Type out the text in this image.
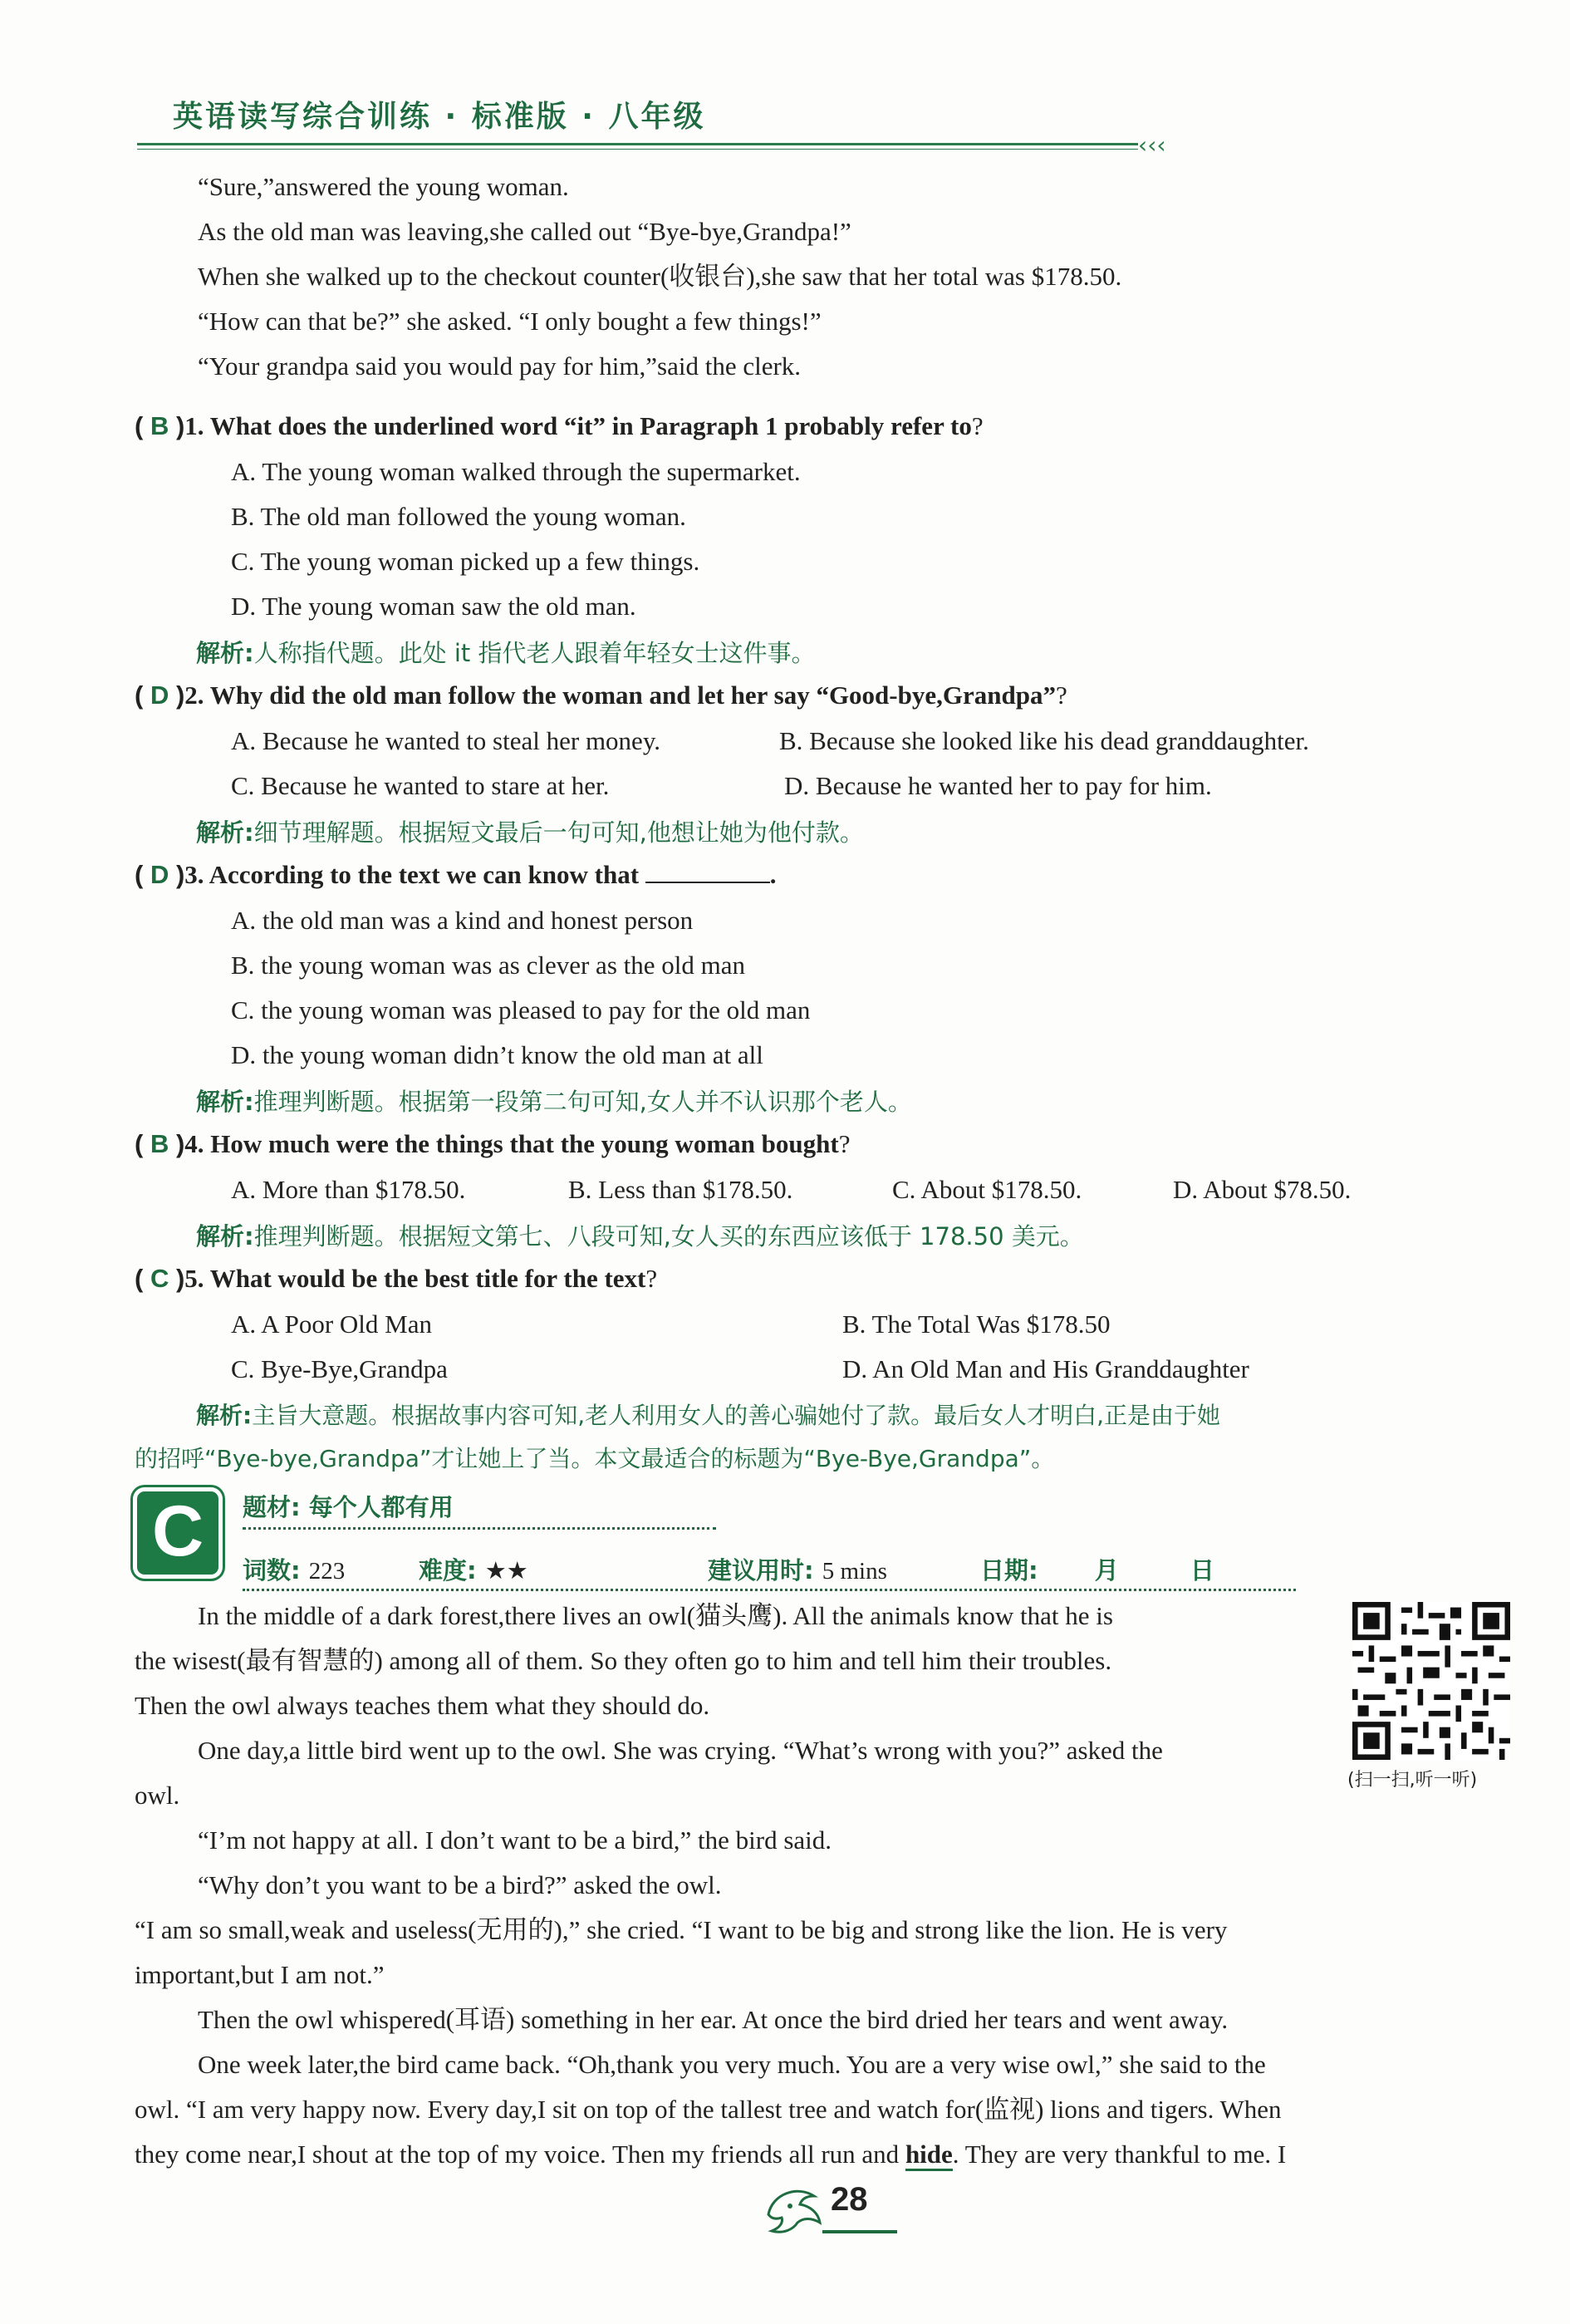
英语读写综合训练 · 标准版 · 八年级
‹‹‹
“Sure,”answered the young woman.
As the old man was leaving,she called out “Bye-bye,Grandpa!”
When she walked up to the checkout counter(收银台),she saw that her total was $178.50.
“How can that be?” she asked. “I only bought a few things!”
“Your grandpa said you would pay for him,”said the clerk.
( B )1. What does the underlined word “it” in Paragraph 1 probably refer to?
A. The young woman walked through the supermarket.
B. The old man followed the young woman.
C. The young woman picked up a few things.
D. The young woman saw the old man.
解析:人称指代题。此处 it 指代老人跟着年轻女士这件事。
( D )2. Why did the old man follow the woman and let her say “Good-bye,Grandpa”?
A. Because he wanted to steal her money.	B. Because she looked like his dead granddaughter.
C. Because he wanted to stare at her.	D. Because he wanted her to pay for him.
解析:细节理解题。根据短文最后一句可知,他想让她为他付款。
( D )3. According to the text we can know that	.
A. the old man was a kind and honest person
B. the young woman was as clever as the old man
C. the young woman was pleased to pay for the old man
D. the young woman didn’t know the old man at all
解析:推理判断题。根据第一段第二句可知,女人并不认识那个老人。
( B )4. How much were the things that the young woman bought?
A. More than $178.50.	B. Less than $178.50.	C. About $178.50.	D. About $78.50.
解析:推理判断题。根据短文第七、八段可知,女人买的东西应该低于 178.50 美元。
( C )5. What would be the best title for the text?
A. A Poor Old Man	B. The Total Was $178.50
C. Bye-Bye,Grandpa	D. An Old Man and His Granddaughter
解析:主旨大意题。根据故事内容可知,老人利用女人的善心骗她付了款。最后女人才明白,正是由于她
的招呼“Bye-bye,Grandpa”才让她上了当。本文最适合的标题为“Bye-Bye,Grandpa”。
C	题材: 每个人都有用
词数: 223	难度: ★★	建议用时: 5 mins	日期: 月	日
(扫一扫,听一听)
In the middle of a dark forest,there lives an owl(猫头鹰). All the animals know that he is
the wisest(最有智慧的) among all of them. So they often go to him and tell him their troubles.
Then the owl always teaches them what they should do.
One day,a little bird went up to the owl. She was crying. “What’s wrong with you?” asked the
owl.
“I’m not happy at all. I don’t want to be a bird,” the bird said.
“Why don’t you want to be a bird?” asked the owl.
“I am so small,weak and useless(无用的),” she cried. “I want to be big and strong like the lion. He is very
important,but I am not.”
Then the owl whispered(耳语) something in her ear. At once the bird dried her tears and went away.
One week later,the bird came back. “Oh,thank you very much. You are a very wise owl,” she said to the
owl. “I am very happy now. Every day,I sit on top of the tallest tree and watch for(监视) lions and tigers. When
they come near,I shout at the top of my voice. Then my friends all run and hide. They are very thankful to me. I
28
